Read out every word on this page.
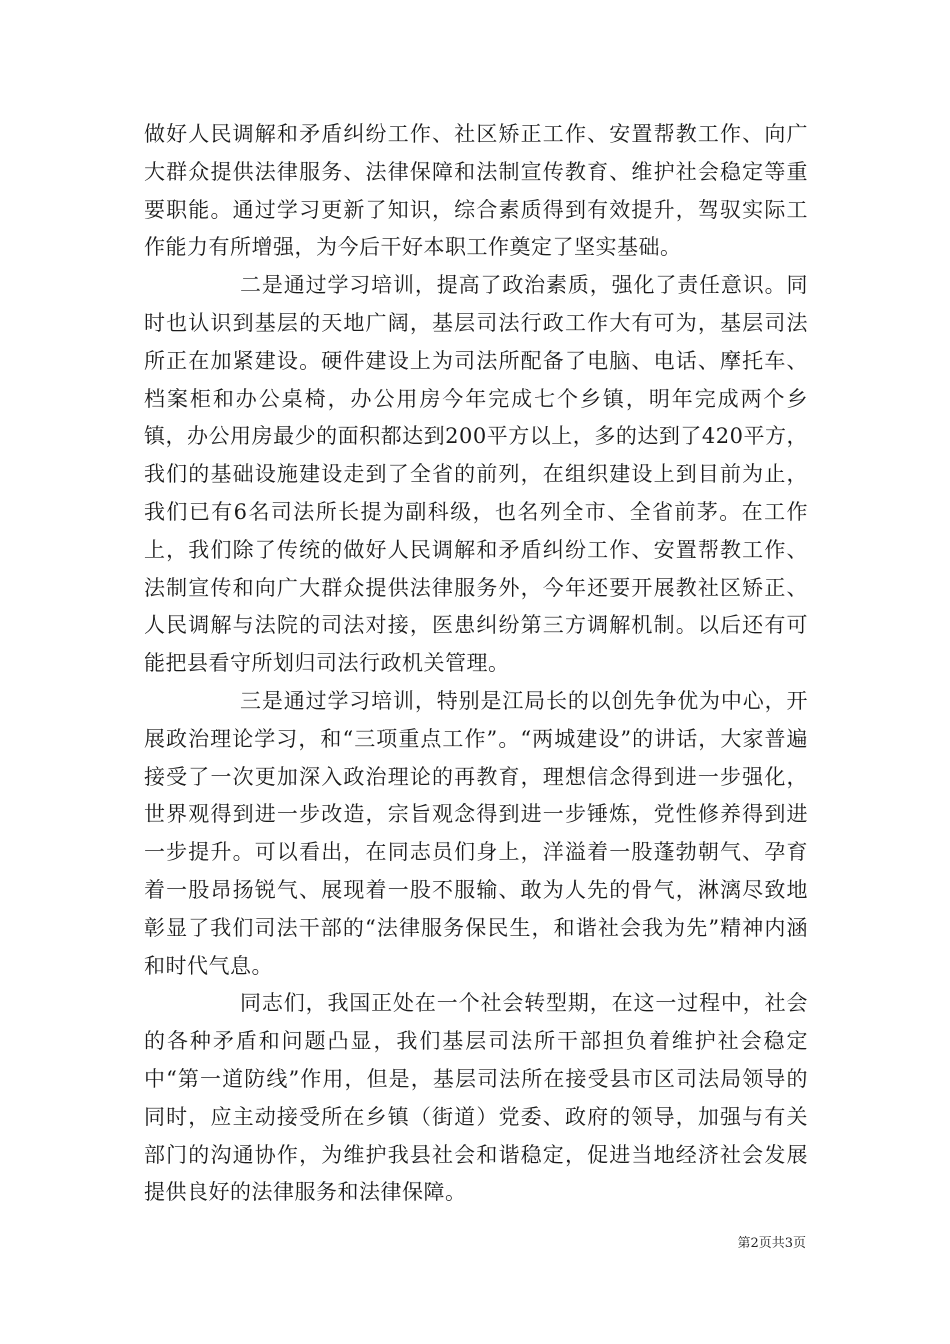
做好人民调解和矛盾纠纷工作、社区矫正工作、安置帮教工作、向广大群众提供法律服务、法律保障和法制宣传教育、维护社会稳定等重要职能。通过学习更新了知识，综合素质得到有效提升，驾驭实际工作能力有所增强，为今后干好本职工作奠定了坚实基础。

二是通过学习培训，提高了政治素质，强化了责任意识。同时也认识到基层的天地广阔，基层司法行政工作大有可为，基层司法所正在加紧建设。硬件建设上为司法所配备了电脑、电话、摩托车、档案柜和办公桌椅，办公用房今年完成七个乡镇，明年完成两个乡镇，办公用房最少的面积都达到200平方以上，多的达到了420平方，我们的基础设施建设走到了全省的前列，在组织建设上到目前为止，我们已有6名司法所长提为副科级，也名列全市、全省前茅。在工作上，我们除了传统的做好人民调解和矛盾纠纷工作、安置帮教工作、法制宣传和向广大群众提供法律服务外，今年还要开展教社区矫正、人民调解与法院的司法对接，医患纠纷第三方调解机制。以后还有可能把县看守所划归司法行政机关管理。

三是通过学习培训，特别是江局长的以创先争优为中心，开展政治理论学习，和“三项重点工作”。“两城建设”的讲话，大家普遍接受了一次更加深入政治理论的再教育，理想信念得到进一步强化，世界观得到进一步改造，宗旨观念得到进一步锤炼，党性修养得到进一步提升。可以看出，在同志员们身上，洋溢着一股蓬勃朝气、孕育着一股昂扬锐气、展现着一股不服输、敢为人先的骨气，淋漓尽致地彰显了我们司法干部的“法律服务保民生，和谐社会我为先”精神内涵和时代气息。

同志们，我国正处在一个社会转型期，在这一过程中，社会的各种矛盾和问题凸显，我们基层司法所干部担负着维护社会稳定中“第一道防线”作用，但是，基层司法所在接受县市区司法局领导的同时，应主动接受所在乡镇（街道）党委、政府的领导，加强与有关部门的沟通协作，为维护我县社会和谐稳定，促进当地经济社会发展提供良好的法律服务和法律保障。

第2页共3页
